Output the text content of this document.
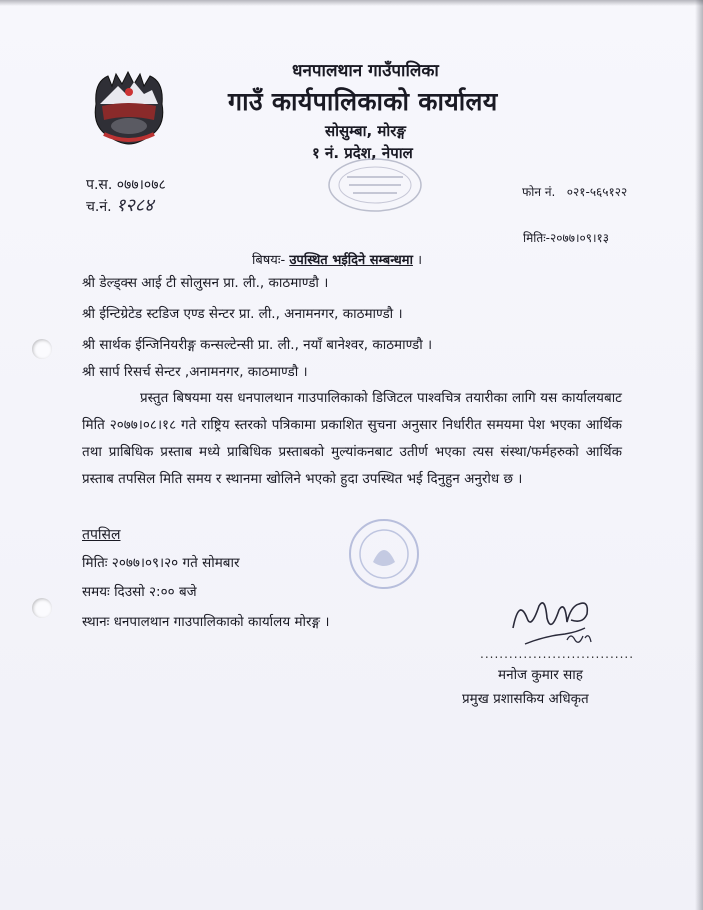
धनपालथान गाउँपालिका
गाउँ कार्यपालिकाको कार्यालय
सोसुम्बा, मोरङ्ग
१ नं. प्रदेश, नेपाल
प.स. ०७७।०७८
च.नं. १२८४
फोन नं. ०२१-५६५१२२
मितिः-२०७७।०९।१३
बिषयः- उपस्थित भईदिने सम्बन्धमा ।
श्री डेल्ड्क्स आई टी सोलुसन प्रा. ली., काठमाण्डौ ।
श्री ईन्टिग्रेटेड स्टडिज एण्ड सेन्टर प्रा. ली., अनामनगर, काठमाण्डौ ।
श्री सार्थक ईन्जिनियरीङ्ग कन्सल्टेन्सी प्रा. ली., नयाँ बानेश्वर, काठमाण्डौ ।
श्री सार्प रिसर्च सेन्टर ,अनामनगर, काठमाण्डौ ।
प्रस्तुत बिषयमा यस धनपालथान गाउपालिकाको डिजिटल पाश्वचित्र तयारीका लागि यस कार्यालयबाट मिति २०७७।०८।१८ गते राष्ट्रिय स्तरको पत्रिकामा प्रकाशित सुचना अनुसार निर्धारीत समयमा पेश भएका आर्थिक तथा प्राबिधिक प्रस्ताब मध्ये प्राबिधिक प्रस्ताबको मुल्यांकनबाट उतीर्ण भएका त्यस संस्था/फर्महरुको आर्थिक प्रस्ताब तपसिल मिति समय र स्थानमा खोलिने भएको हुदा उपस्थित भई दिनुहुन अनुरोध छ ।
तपसिल
मितिः २०७७।०९।२० गते सोमबार
समयः दिउसो २:०० बजे
स्थानः धनपालथान गाउपालिकाको कार्यालय मोरङ्ग ।
................................
मनोज कुमार साह
प्रमुख प्रशासकिय अधिकृत
